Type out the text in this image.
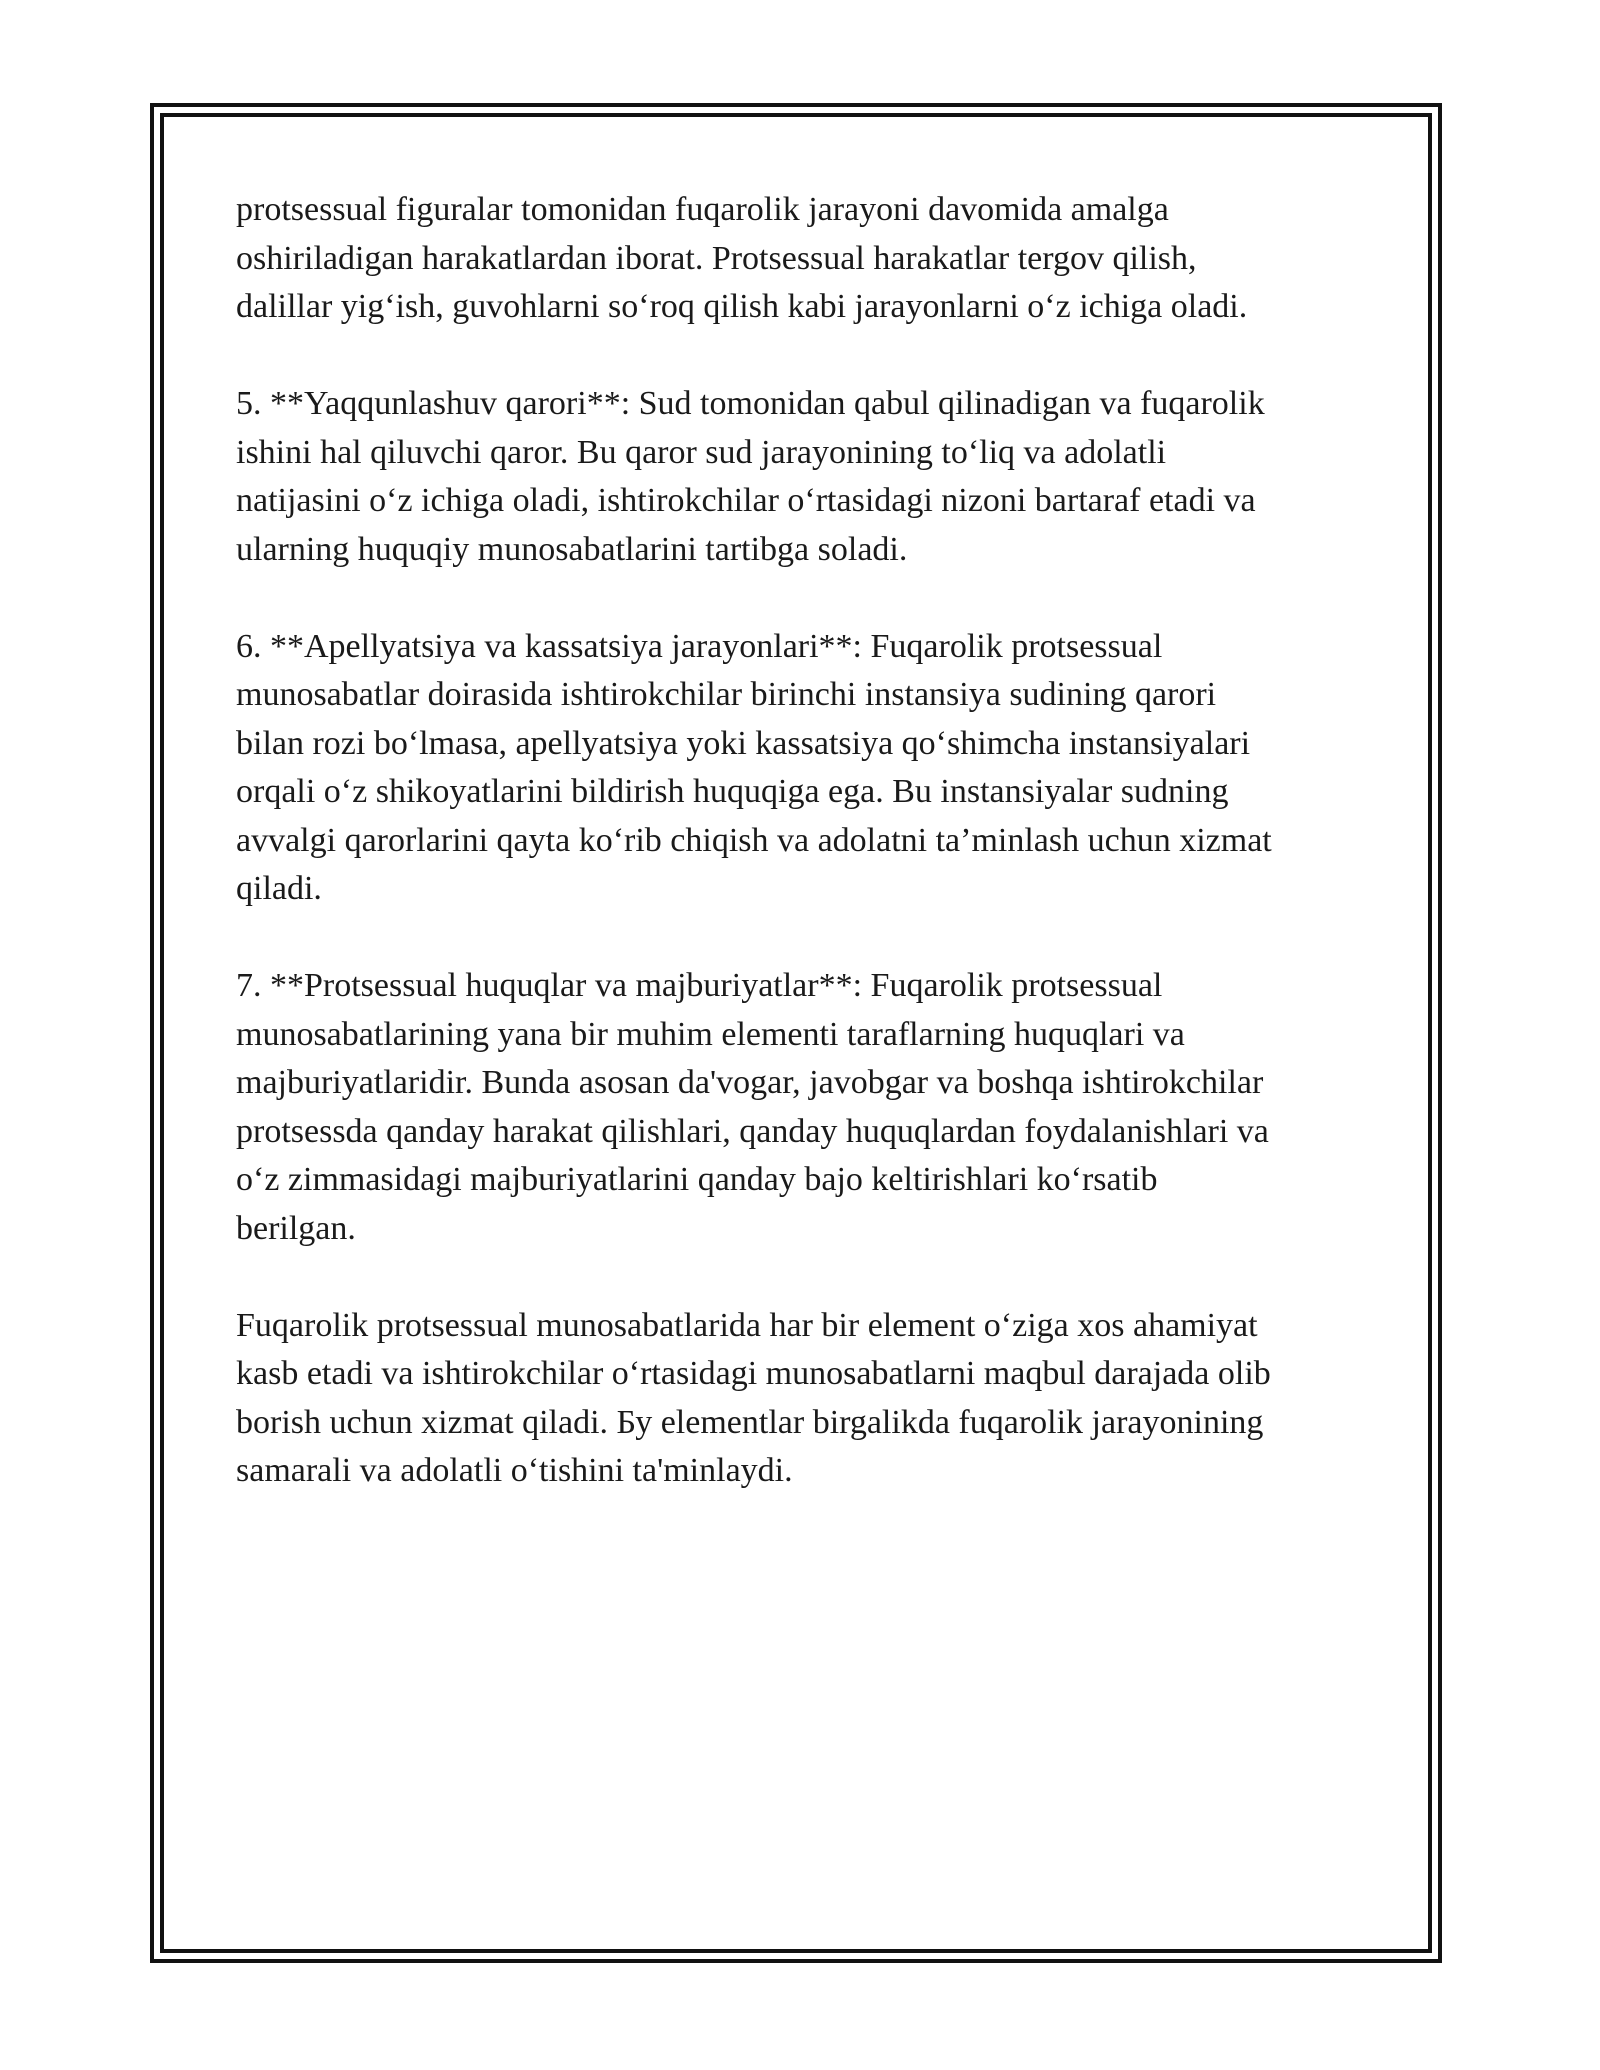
protsessual figuralar tomonidan fuqarolik jarayoni davomida amalga
oshiriladigan harakatlardan iborat. Protsessual harakatlar tergov qilish,
dalillar yig‘ish, guvohlarni so‘roq qilish kabi jarayonlarni o‘z ichiga oladi.

5. **Yaqqunlashuv qarori**: Sud tomonidan qabul qilinadigan va fuqarolik
ishini hal qiluvchi qaror. Bu qaror sud jarayonining to‘liq va adolatli
natijasini o‘z ichiga oladi, ishtirokchilar o‘rtasidagi nizoni bartaraf etadi va
ularning huquqiy munosabatlarini tartibga soladi.

6. **Apellyatsiya va kassatsiya jarayonlari**: Fuqarolik protsessual
munosabatlar doirasida ishtirokchilar birinchi instansiya sudining qarori
bilan rozi bo‘lmasa, apellyatsiya yoki kassatsiya qo‘shimcha instansiyalari
orqali o‘z shikoyatlarini bildirish huquqiga ega. Bu instansiyalar sudning
avvalgi qarorlarini qayta ko‘rib chiqish va adolatni ta’minlash uchun xizmat
qiladi.

7. **Protsessual huquqlar va majburiyatlar**: Fuqarolik protsessual
munosabatlarining yana bir muhim elementi taraflarning huquqlari va
majburiyatlaridir. Bunda asosan da'vogar, javobgar va boshqa ishtirokchilar
protsessda qanday harakat qilishlari, qanday huquqlardan foydalanishlari va
o‘z zimmasidagi majburiyatlarini qanday bajo keltirishlari ko‘rsatib
berilgan.

Fuqarolik protsessual munosabatlarida har bir element o‘ziga xos ahamiyat
kasb etadi va ishtirokchilar o‘rtasidagi munosabatlarni maqbul darajada olib
borish uchun xizmat qiladi. Бу elementlar birgalikda fuqarolik jarayonining
samarali va adolatli o‘tishini ta'minlaydi.
